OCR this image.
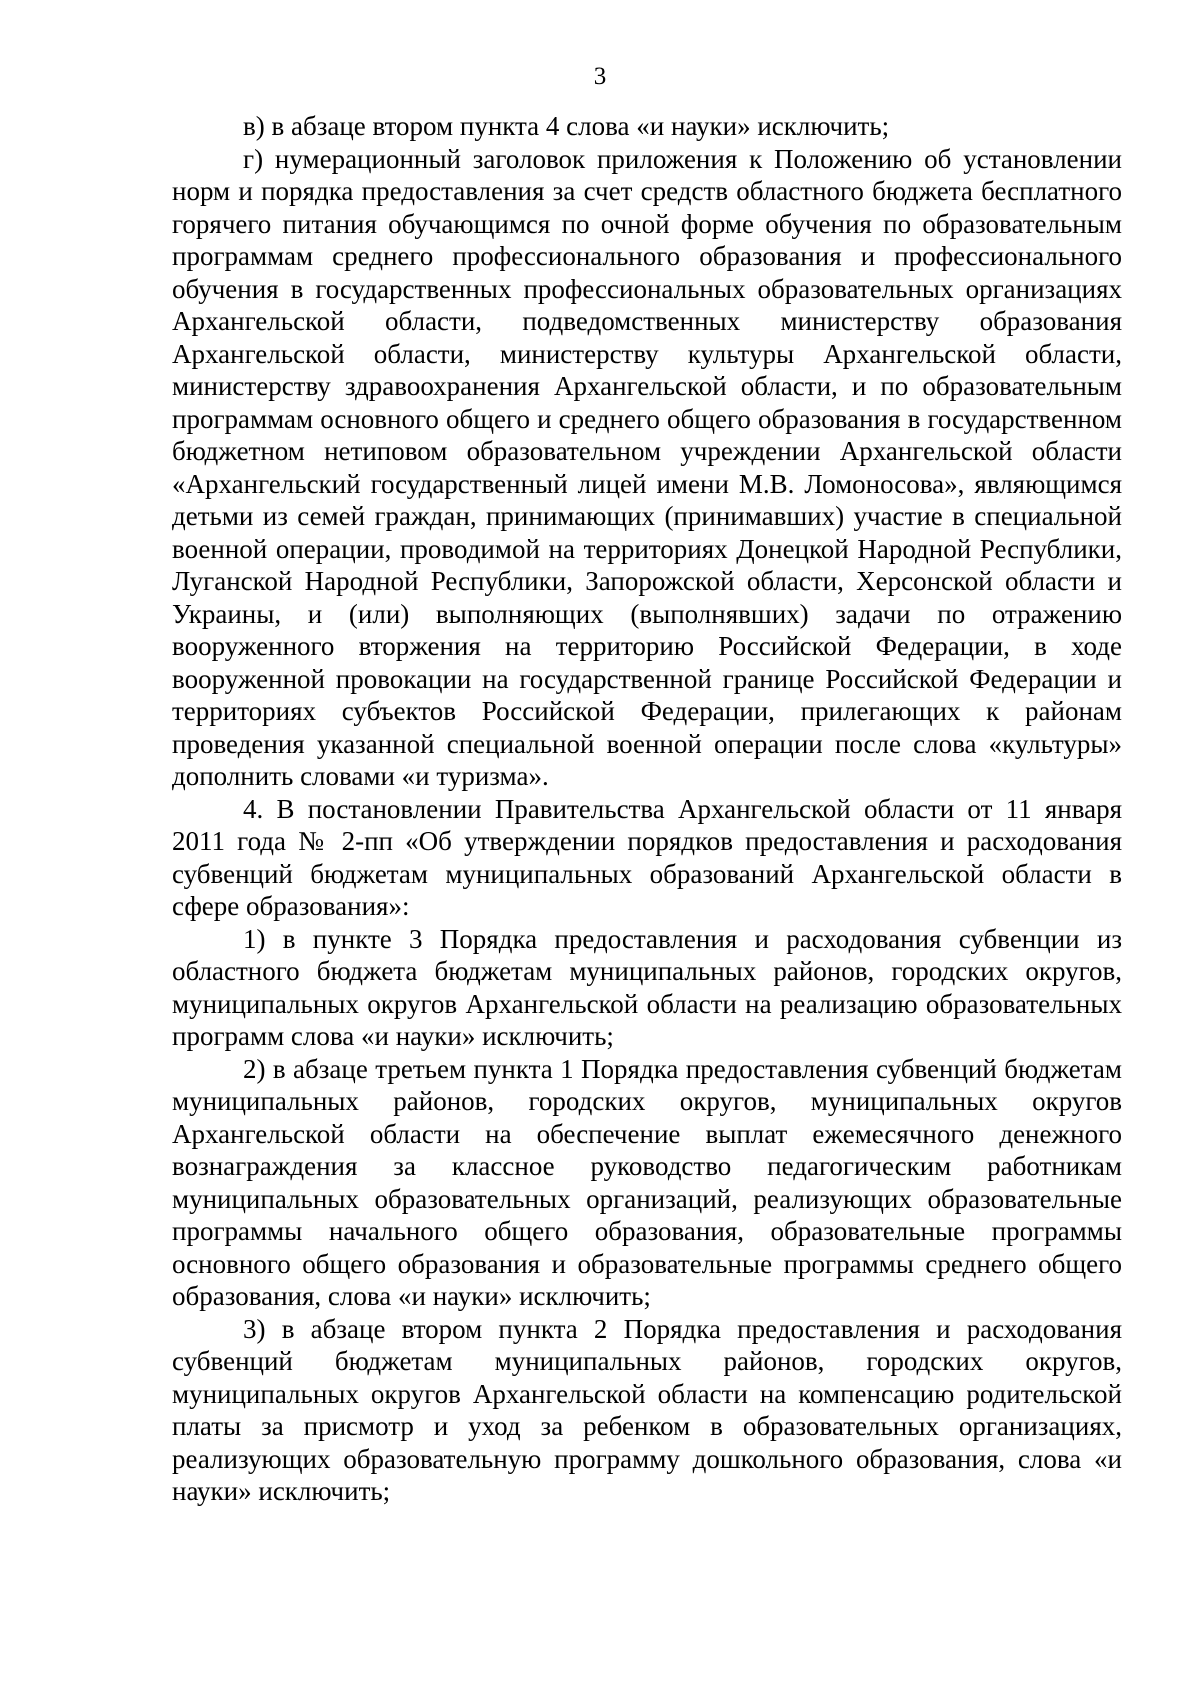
3

в) в абзаце втором пункта 4 слова «и науки» исключить;

г) нумерационный заголовок приложения к Положению об установлении норм и порядка предоставления за счет средств областного бюджета бесплатного горячего питания обучающимся по очной форме обучения по образовательным программам среднего профессионального образования и профессионального обучения в государственных профессиональных образовательных организациях Архангельской области, подведомственных министерству образования Архангельской области, министерству культуры Архангельской области, министерству здравоохранения Архангельской области, и по образовательным программам основного общего и среднего общего образования в государственном бюджетном нетиповом образовательном учреждении Архангельской области «Архангельский государственный лицей имени М.В. Ломоносова», являющимся детьми из семей граждан, принимающих (принимавших) участие в специальной военной операции, проводимой на территориях Донецкой Народной Республики, Луганской Народной Республики, Запорожской области, Херсонской области и Украины, и (или) выполняющих (выполнявших) задачи по отражению вооруженного вторжения на территорию Российской Федерации, в ходе вооруженной провокации на государственной границе Российской Федерации и территориях субъектов Российской Федерации, прилегающих к районам проведения указанной специальной военной операции после слова «культуры» дополнить словами «и туризма».

4. В постановлении Правительства Архангельской области от 11 января 2011 года № 2-пп «Об утверждении порядков предоставления и расходования субвенций бюджетам муниципальных образований Архангельской области в сфере образования»:

1) в пункте 3 Порядка предоставления и расходования субвенции из областного бюджета бюджетам муниципальных районов, городских округов, муниципальных округов Архангельской области на реализацию образовательных программ слова «и науки» исключить;

2) в абзаце третьем пункта 1 Порядка предоставления субвенций бюджетам муниципальных районов, городских округов, муниципальных округов Архангельской области на обеспечение выплат ежемесячного денежного вознаграждения за классное руководство педагогическим работникам муниципальных образовательных организаций, реализующих образовательные программы начального общего образования, образовательные программы основного общего образования и образовательные программы среднего общего образования, слова «и науки» исключить;

3) в абзаце втором пункта 2 Порядка предоставления и расходования субвенций бюджетам муниципальных районов, городских округов, муниципальных округов Архангельской области на компенсацию родительской платы за присмотр и уход за ребенком в образовательных организациях, реализующих образовательную программу дошкольного образования, слова «и науки» исключить;
